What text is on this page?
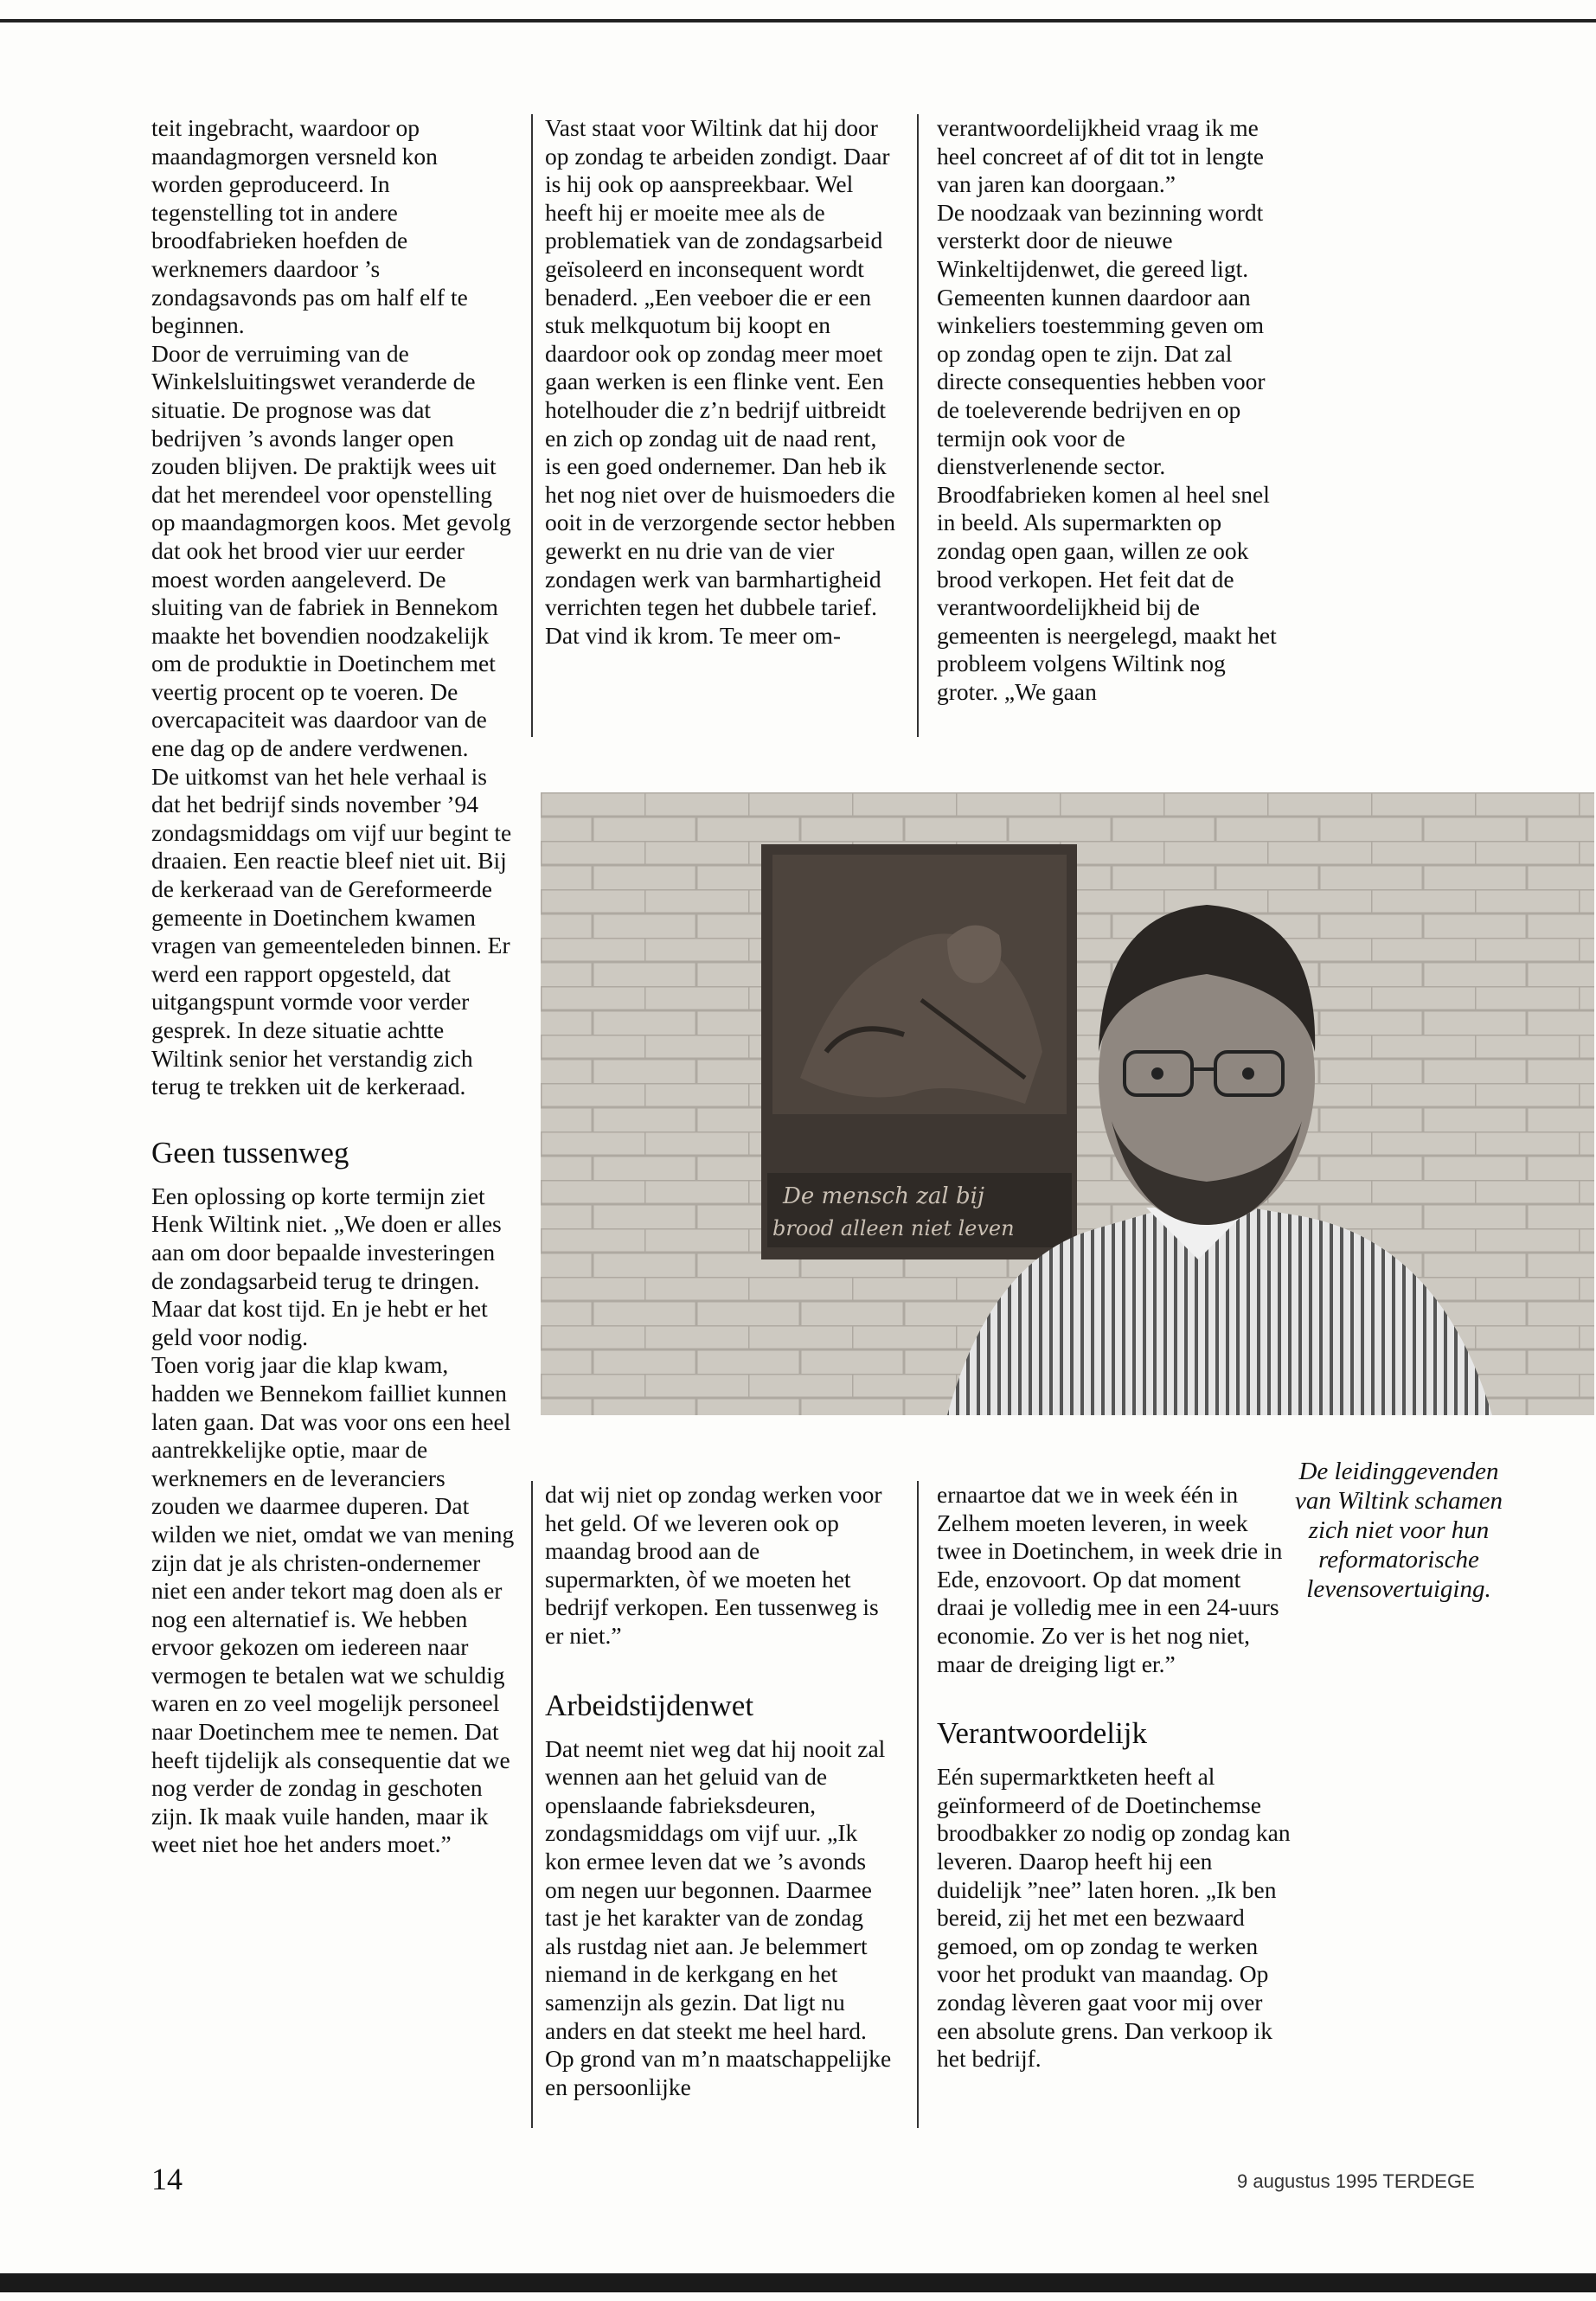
teit ingebracht, waardoor op maandagmorgen versneld kon worden geproduceerd. In tegenstelling tot in andere broodfabrieken hoefden de werknemers daardoor ’s zondagsavonds pas om half elf te beginnen.

Door de verruiming van de Winkelsluitingswet veranderde de situatie. De prognose was dat bedrijven ’s avonds langer open zouden blijven. De praktijk wees uit dat het merendeel voor openstelling op maandagmorgen koos. Met gevolg dat ook het brood vier uur eerder moest worden aangeleverd. De sluiting van de fabriek in Bennekom maakte het bovendien noodzakelijk om de produktie in Doetinchem met veertig procent op te voeren. De overcapaciteit was daardoor van de ene dag op de andere verdwenen.

De uitkomst van het hele verhaal is dat het bedrijf sinds november ’94 zondagsmiddags om vijf uur begint te draaien. Een reactie bleef niet uit. Bij de kerkeraad van de Gereformeerde gemeente in Doetinchem kwamen vragen van gemeenteleden binnen. Er werd een rapport opgesteld, dat uitgangspunt vormde voor verder gesprek. In deze situatie achtte Wiltink senior het verstandig zich terug te trekken uit de kerkeraad.

Geen tussenweg

Een oplossing op korte termijn ziet Henk Wiltink niet. „We doen er alles aan om door bepaalde investeringen de zondagsarbeid terug te dringen. Maar dat kost tijd. En je hebt er het geld voor nodig.

Toen vorig jaar die klap kwam, hadden we Bennekom failliet kunnen laten gaan. Dat was voor ons een heel aantrekkelijke optie, maar de werknemers en de leveranciers zouden we daarmee duperen. Dat wilden we niet, omdat we van mening zijn dat je als christen-ondernemer niet een ander tekort mag doen als er nog een alternatief is. We hebben ervoor gekozen om iedereen naar vermogen te betalen wat we schuldig waren en zo veel mogelijk personeel naar Doetinchem mee te nemen. Dat heeft tijdelijk als consequentie dat we nog verder de zondag in geschoten zijn. Ik maak vuile handen, maar ik weet niet hoe het anders moet.”

Vast staat voor Wiltink dat hij door op zondag te arbeiden zondigt. Daar is hij ook op aanspreekbaar. Wel heeft hij er moeite mee als de problematiek van de zondagsarbeid geïsoleerd en inconsequent wordt benaderd. „Een veeboer die er een stuk melkquotum bij koopt en daardoor ook op zondag meer moet gaan werken is een flinke vent. Een hotelhouder die z’n bedrijf uitbreidt en zich op zondag uit de naad rent, is een goed ondernemer. Dan heb ik het nog niet over de huismoeders die ooit in de verzorgende sector hebben gewerkt en nu drie van de vier zondagen werk van barmhartigheid verrichten tegen het dubbele tarief. Dat vind ik krom. Te meer om-

verantwoordelijkheid vraag ik me heel concreet af of dit tot in lengte van jaren kan doorgaan.”

De noodzaak van bezinning wordt versterkt door de nieuwe Winkeltijdenwet, die gereed ligt. Gemeenten kunnen daardoor aan winkeliers toestemming geven om op zondag open te zijn. Dat zal directe consequenties hebben voor de toeleverende bedrijven en op termijn ook voor de dienstverlenende sector.

Broodfabrieken komen al heel snel in beeld. Als supermarkten op zondag open gaan, willen ze ook brood verkopen. Het feit dat de verantwoordelijkheid bij de gemeenten is neergelegd, maakt het probleem volgens Wiltink nog groter. „We gaan

De mensch zal bij
brood alleen niet leven

dat wij niet op zondag werken voor het geld. Of we leveren ook op maandag brood aan de supermarkten, òf we moeten het bedrijf verkopen. Een tussenweg is er niet.”

Arbeidstijdenwet

Dat neemt niet weg dat hij nooit zal wennen aan het geluid van de openslaande fabrieksdeuren, zondagsmiddags om vijf uur. „Ik kon ermee leven dat we ’s avonds om negen uur begonnen. Daarmee tast je het karakter van de zondag als rustdag niet aan. Je belemmert niemand in de kerkgang en het samenzijn als gezin. Dat ligt nu anders en dat steekt me heel hard. Op grond van m’n maatschappelijke en persoonlijke

ernaartoe dat we in week één in Zelhem moeten leveren, in week twee in Doetinchem, in week drie in Ede, enzovoort. Op dat moment draai je volledig mee in een 24-uurs economie. Zo ver is het nog niet, maar de dreiging ligt er.”

Verantwoordelijk

Eén supermarktketen heeft al geïnformeerd of de Doetinchemse broodbakker zo nodig op zondag kan leveren. Daarop heeft hij een duidelijk ”nee” laten horen. „Ik ben bereid, zij het met een bezwaard gemoed, om op zondag te werken voor het produkt van maandag. Op zondag lèveren gaat voor mij over een absolute grens. Dan verkoop ik het bedrijf.

De leidinggevenden van Wiltink schamen zich niet voor hun reformatorische levensovertuiging.
14	9 augustus 1995 TERDEGE
